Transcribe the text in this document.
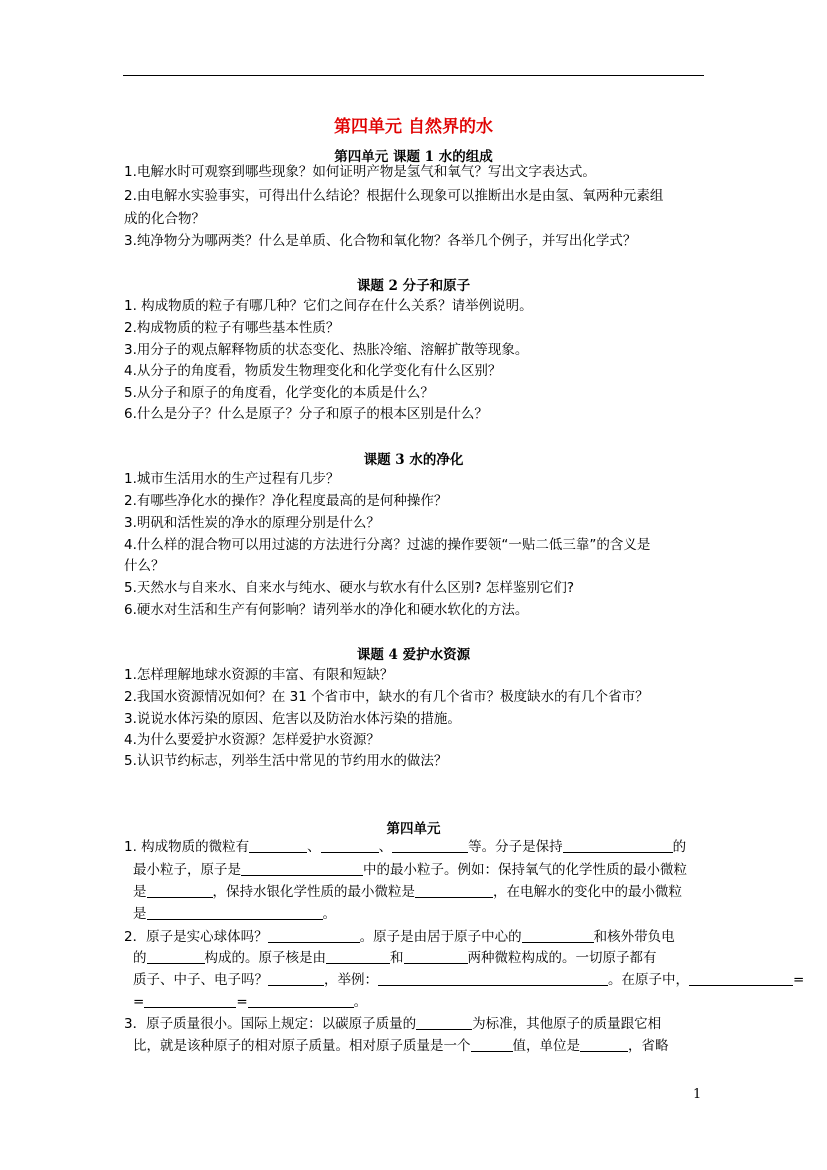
第四单元 自然界的水
第四单元 课题 1 水的组成
1.电解水时可观察到哪些现象？如何证明产物是氢气和氧气？写出文字表达式。
2.由电解水实验事实，可得出什么结论？根据什么现象可以推断出水是由氢、氧两种元素组
成的化合物？
3.纯净物分为哪两类？什么是单质、化合物和氧化物？各举几个例子，并写出化学式？
课题 2 分子和原子
1. 构成物质的粒子有哪几种？它们之间存在什么关系？请举例说明。
2.构成物质的粒子有哪些基本性质？
3.用分子的观点解释物质的状态变化、热胀冷缩、溶解扩散等现象。
4.从分子的角度看，物质发生物理变化和化学变化有什么区别？
5.从分子和原子的角度看，化学变化的本质是什么？
6.什么是分子？什么是原子？分子和原子的根本区别是什么？
课题 3 水的净化
1.城市生活用水的生产过程有几步？
2.有哪些净化水的操作？净化程度最高的是何种操作？
3.明矾和活性炭的净水的原理分别是什么？
4.什么样的混合物可以用过滤的方法进行分离？过滤的操作要领“一贴二低三靠”的含义是
什么？
5.天然水与自来水、自来水与纯水、硬水与软水有什么区别? 怎样鉴别它们?
6.硬水对生活和生产有何影响？请列举水的净化和硬水软化的方法。
课题 4 爱护水资源
1.怎样理解地球水资源的丰富、有限和短缺？
2.我国水资源情况如何？在 31 个省市中，缺水的有几个省市？极度缺水的有几个省市？
3.说说水体污染的原因、危害以及防治水体污染的措施。
4.为什么要爱护水资源？怎样爱护水资源？
5.认识节约标志，列举生活中常见的节约用水的做法？
第四单元
1. 构成物质的微粒有	、	、	等。分子是保持	的
最小粒子，原子是	中的最小粒子。例如：保持氧气的化学性质的最小微粒
是	，保持水银化学性质的最小微粒是	，在电解水的变化中的最小微粒
是	。
2．原子是实心球体吗？	。原子是由居于原子中心的	和核外带负电
的	构成的。原子核是由	和	两种微粒构成的。一切原子都有
质子、中子、电子吗？	，举例：	。在原子中，	=
=	=	。
3．原子质量很小。国际上规定：以碳原子质量的	为标准，其他原子的质量跟它相
比，就是该种原子的相对原子质量。相对原子质量是一个	值，单位是	，省略
1
